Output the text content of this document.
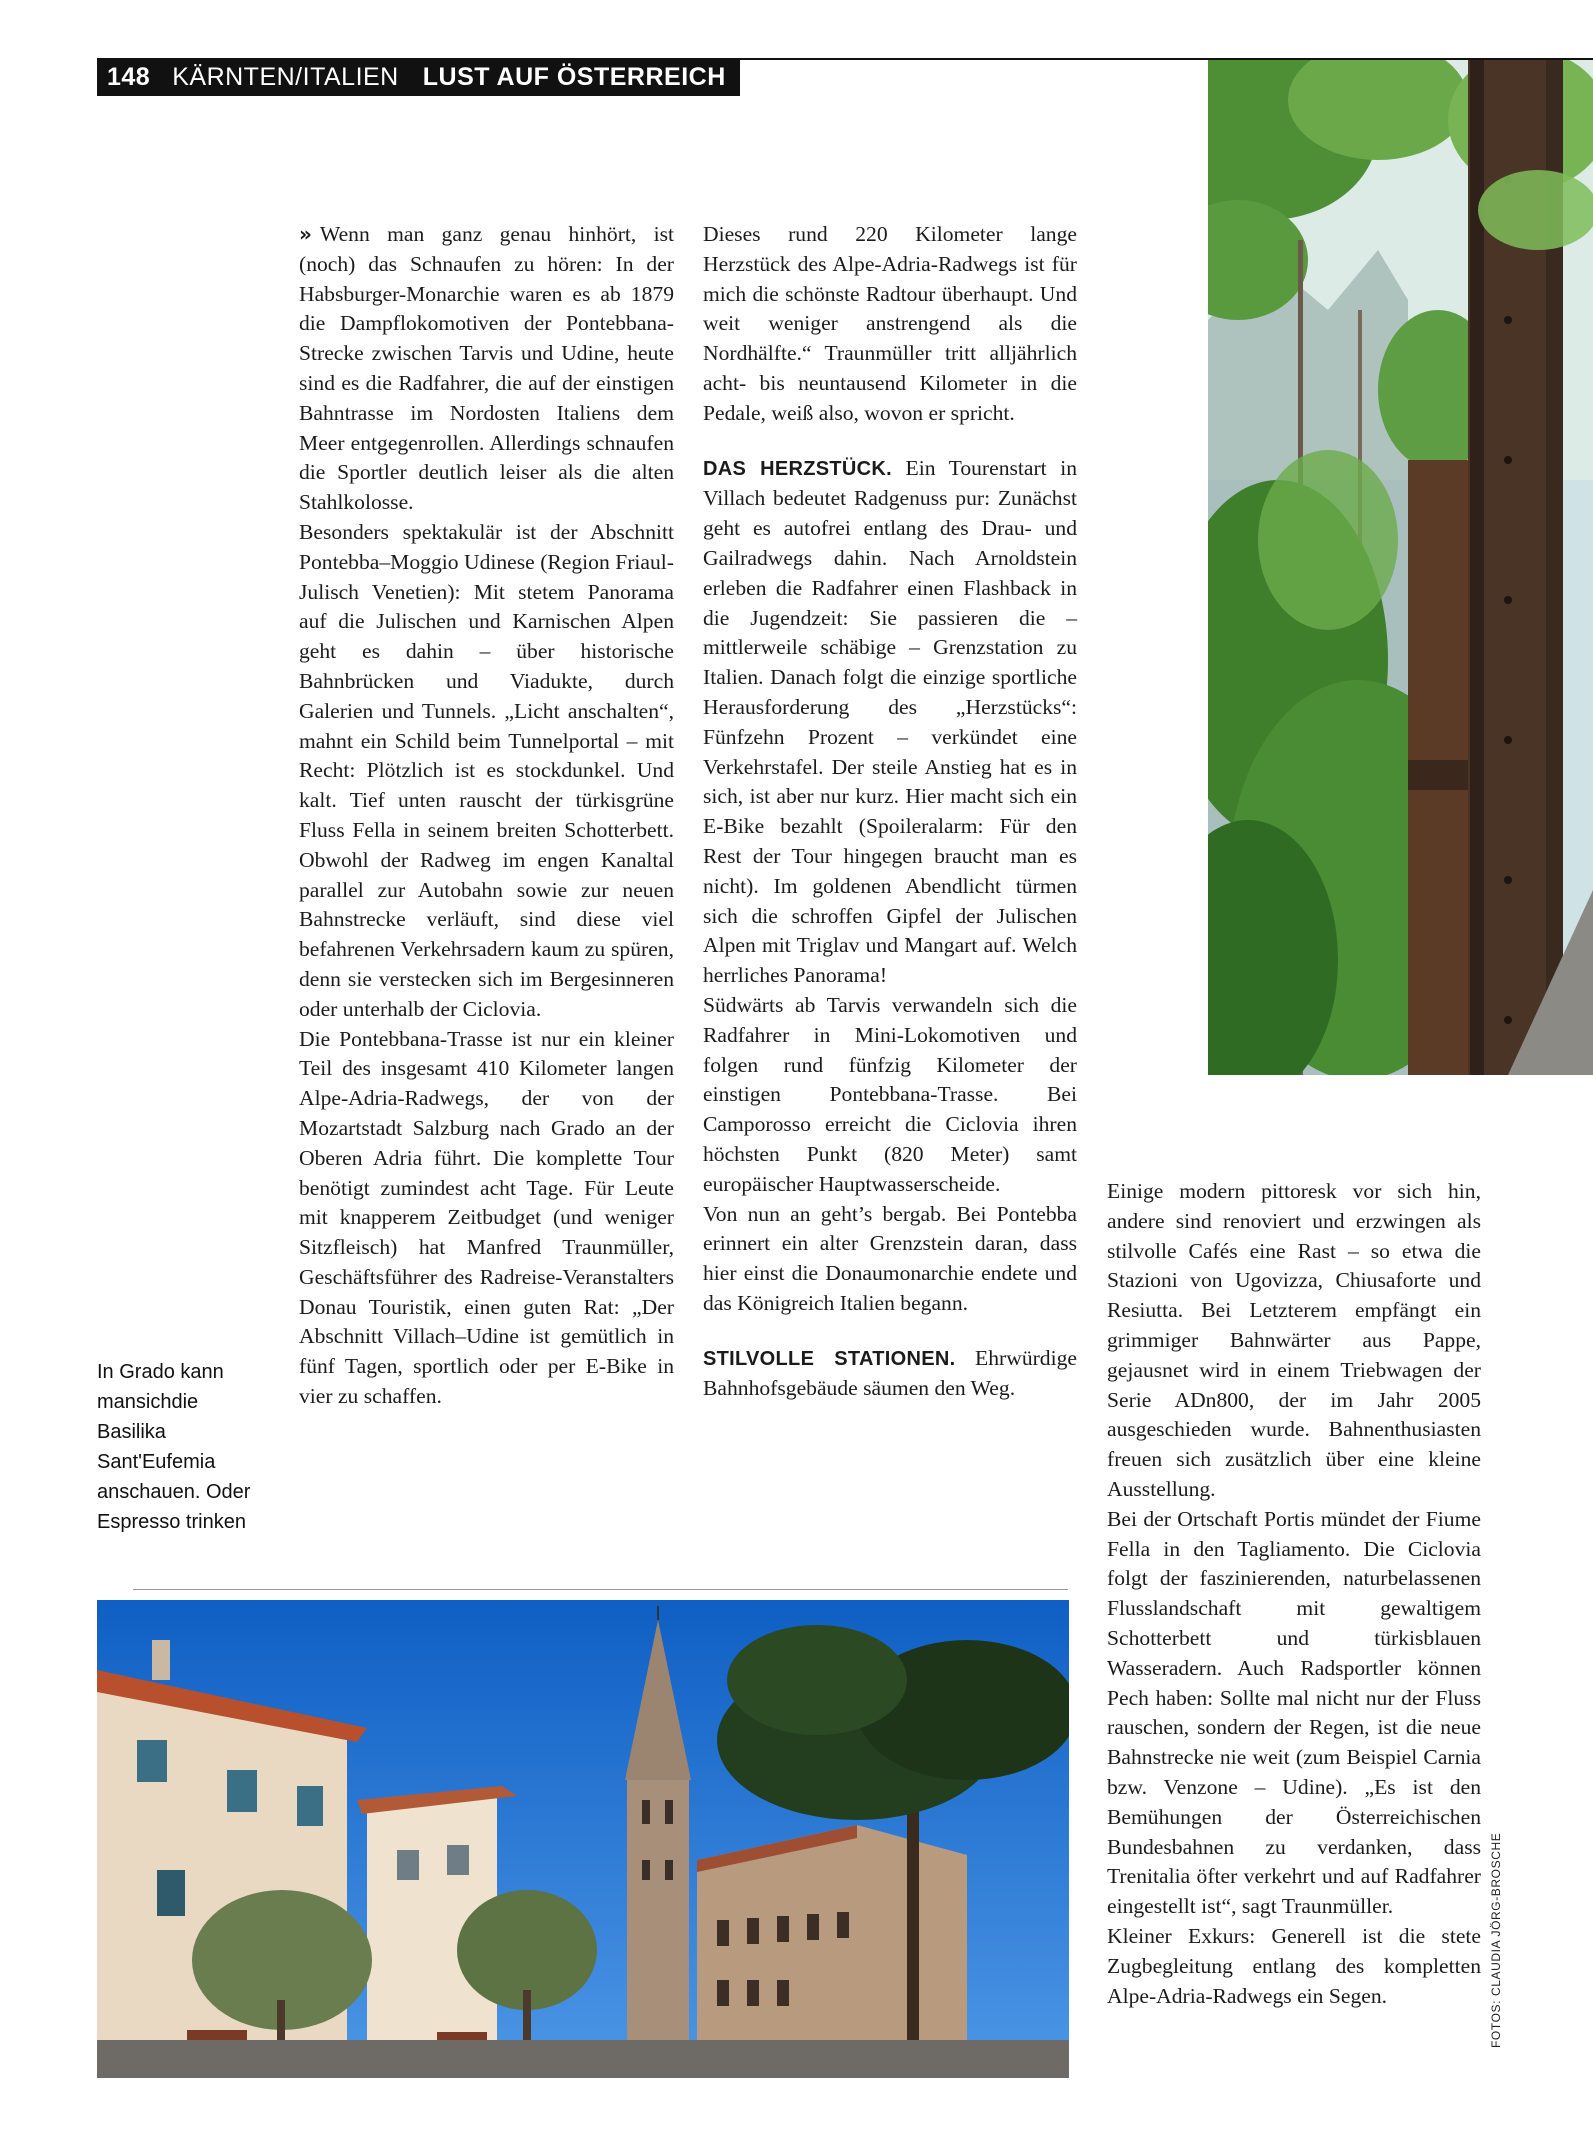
148 KÄRNTEN/ITALIEN LUST AUF ÖSTERREICH
In Grado kann mansichdie Basilika Sant'Eufemia anschauen. Oder Espresso trinken

» Wenn man ganz genau hinhört, ist (noch) das Schnaufen zu hören: In der Habsburger-Monarchie waren es ab 1879 die Dampflokomotiven der Pontebbana-Strecke zwischen Tarvis und Udine, heute sind es die Radfahrer, die auf der einstigen Bahntrasse im Nordosten Italiens dem Meer entgegenrollen. Allerdings schnaufen die Sportler deutlich leiser als die alten Stahlkolosse.

Besonders spektakulär ist der Abschnitt Pontebba–Moggio Udinese (Region Friaul-Julisch Venetien): Mit stetem Panorama auf die Julischen und Karnischen Alpen geht es dahin – über historische Bahnbrücken und Viadukte, durch Galerien und Tunnels. „Licht anschalten“, mahnt ein Schild beim Tunnelportal – mit Recht: Plötzlich ist es stockdunkel. Und kalt. Tief unten rauscht der türkisgrüne Fluss Fella in seinem breiten Schotterbett. Obwohl der Radweg im engen Kanaltal parallel zur Autobahn sowie zur neuen Bahnstrecke verläuft, sind diese viel befahrenen Verkehrsadern kaum zu spüren, denn sie verstecken sich im Bergesinneren oder unterhalb der Ciclovia.

Die Pontebbana-Trasse ist nur ein kleiner Teil des insgesamt 410 Kilometer langen Alpe-Adria-Radwegs, der von der Mozartstadt Salzburg nach Grado an der Oberen Adria führt. Die komplette Tour benötigt zumindest acht Tage. Für Leute mit knapperem Zeitbudget (und weniger Sitzfleisch) hat Manfred Traunmüller, Geschäftsführer des Radreise-Veranstalters Donau Touristik, einen guten Rat: „Der Abschnitt Villach–Udine ist gemütlich in fünf Tagen, sportlich oder per E-Bike in vier zu schaffen.

Dieses rund 220 Kilometer lange Herzstück des Alpe-Adria-Radwegs ist für mich die schönste Radtour überhaupt. Und weit weniger anstrengend als die Nordhälfte.“ Traunmüller tritt alljährlich acht- bis neuntausend Kilometer in die Pedale, weiß also, wovon er spricht.

DAS HERZSTÜCK. Ein Tourenstart in Villach bedeutet Radgenuss pur: Zunächst geht es autofrei entlang des Drau- und Gailradwegs dahin. Nach Arnoldstein erleben die Radfahrer einen Flashback in die Jugendzeit: Sie passieren die – mittlerweile schäbige – Grenzstation zu Italien. Danach folgt die einzige sportliche Herausforderung des „Herzstücks“: Fünfzehn Prozent – verkündet eine Verkehrstafel. Der steile Anstieg hat es in sich, ist aber nur kurz. Hier macht sich ein E-Bike bezahlt (Spoileralarm: Für den Rest der Tour hingegen braucht man es nicht). Im goldenen Abendlicht türmen sich die schroffen Gipfel der Julischen Alpen mit Triglav und Mangart auf. Welch herrliches Panorama!

Südwärts ab Tarvis verwandeln sich die Radfahrer in Mini-Lokomotiven und folgen rund fünfzig Kilometer der einstigen Pontebbana-Trasse. Bei Camporosso erreicht die Ciclovia ihren höchsten Punkt (820 Meter) samt europäischer Hauptwasserscheide.

Von nun an geht’s bergab. Bei Pontebba erinnert ein alter Grenzstein daran, dass hier einst die Donaumonarchie endete und das Königreich Italien begann.

STILVOLLE STATIONEN. Ehrwürdige Bahnhofsgebäude säumen den Weg.

Einige modern pittoresk vor sich hin, andere sind renoviert und erzwingen als stilvolle Cafés eine Rast – so etwa die Stazioni von Ugovizza, Chiusaforte und Resiutta. Bei Letzterem empfängt ein grimmiger Bahnwärter aus Pappe, gejausnet wird in einem Triebwagen der Serie ADn800, der im Jahr 2005 ausgeschieden wurde. Bahnenthusiasten freuen sich zusätzlich über eine kleine Ausstellung.

Bei der Ortschaft Portis mündet der Fiume Fella in den Tagliamento. Die Ciclovia folgt der faszinierenden, naturbelassenen Flusslandschaft mit gewaltigem Schotterbett und türkisblauen Wasseradern. Auch Radsportler können Pech haben: Sollte mal nicht nur der Fluss rauschen, sondern der Regen, ist die neue Bahnstrecke nie weit (zum Beispiel Carnia bzw. Venzone – Udine). „Es ist den Bemühungen der Österreichischen Bundesbahnen zu verdanken, dass Trenitalia öfter verkehrt und auf Radfahrer eingestellt ist“, sagt Traunmüller.

Kleiner Exkurs: Generell ist die stete Zugbegleitung entlang des kompletten Alpe-Adria-Radwegs ein Segen.	FOTOS: CLAUDIA JÖRG-BROSCHE
